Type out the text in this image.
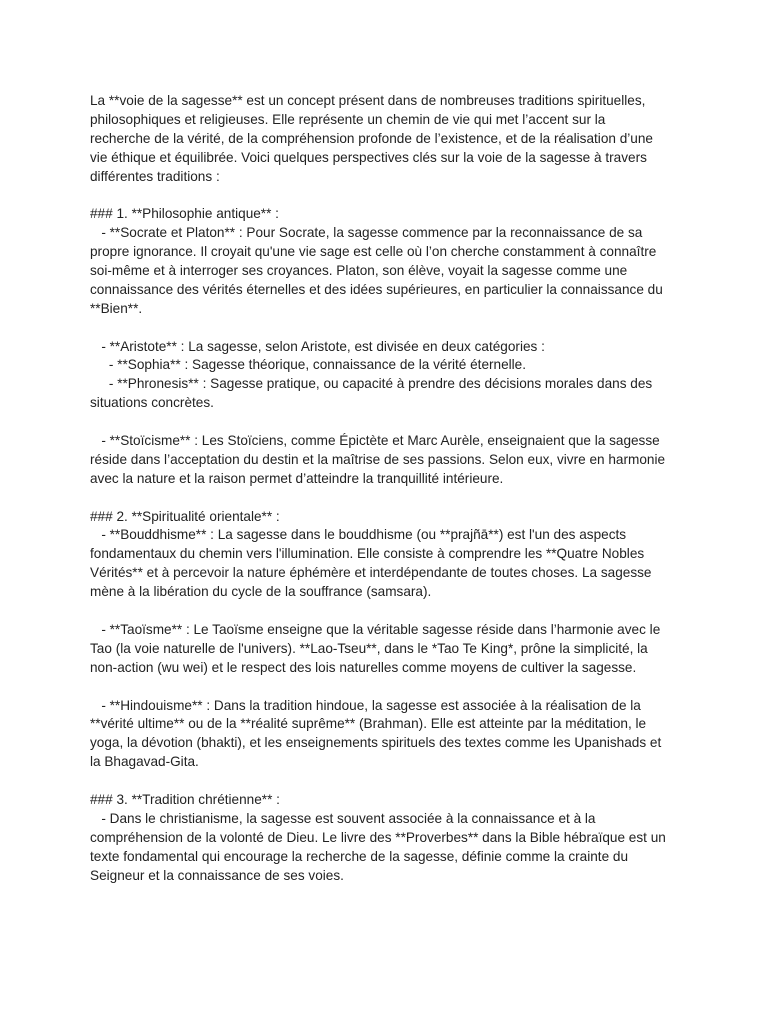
La **voie de la sagesse** est un concept présent dans de nombreuses traditions spirituelles,
philosophiques et religieuses. Elle représente un chemin de vie qui met l’accent sur la
recherche de la vérité, de la compréhension profonde de l’existence, et de la réalisation d’une
vie éthique et équilibrée. Voici quelques perspectives clés sur la voie de la sagesse à travers
différentes traditions :
### 1. **Philosophie antique** :
- **Socrate et Platon** : Pour Socrate, la sagesse commence par la reconnaissance de sa
propre ignorance. Il croyait qu'une vie sage est celle où l’on cherche constamment à connaître
soi-même et à interroger ses croyances. Platon, son élève, voyait la sagesse comme une
connaissance des vérités éternelles et des idées supérieures, en particulier la connaissance du
**Bien**.
- **Aristote** : La sagesse, selon Aristote, est divisée en deux catégories :
- **Sophia** : Sagesse théorique, connaissance de la vérité éternelle.
- **Phronesis** : Sagesse pratique, ou capacité à prendre des décisions morales dans des
situations concrètes.
- **Stoïcisme** : Les Stoïciens, comme Épictète et Marc Aurèle, enseignaient que la sagesse
réside dans l’acceptation du destin et la maîtrise de ses passions. Selon eux, vivre en harmonie
avec la nature et la raison permet d’atteindre la tranquillité intérieure.
### 2. **Spiritualité orientale** :
- **Bouddhisme** : La sagesse dans le bouddhisme (ou **prajñā**) est l'un des aspects
fondamentaux du chemin vers l'illumination. Elle consiste à comprendre les **Quatre Nobles
Vérités** et à percevoir la nature éphémère et interdépendante de toutes choses. La sagesse
mène à la libération du cycle de la souffrance (samsara).
- **Taoïsme** : Le Taoïsme enseigne que la véritable sagesse réside dans l’harmonie avec le
Tao (la voie naturelle de l'univers). **Lao-Tseu**, dans le *Tao Te King*, prône la simplicité, la
non-action (wu wei) et le respect des lois naturelles comme moyens de cultiver la sagesse.
- **Hindouisme** : Dans la tradition hindoue, la sagesse est associée à la réalisation de la
**vérité ultime** ou de la **réalité suprême** (Brahman). Elle est atteinte par la méditation, le
yoga, la dévotion (bhakti), et les enseignements spirituels des textes comme les Upanishads et
la Bhagavad-Gita.
### 3. **Tradition chrétienne** :
- Dans le christianisme, la sagesse est souvent associée à la connaissance et à la
compréhension de la volonté de Dieu. Le livre des **Proverbes** dans la Bible hébraïque est un
texte fondamental qui encourage la recherche de la sagesse, définie comme la crainte du
Seigneur et la connaissance de ses voies.
